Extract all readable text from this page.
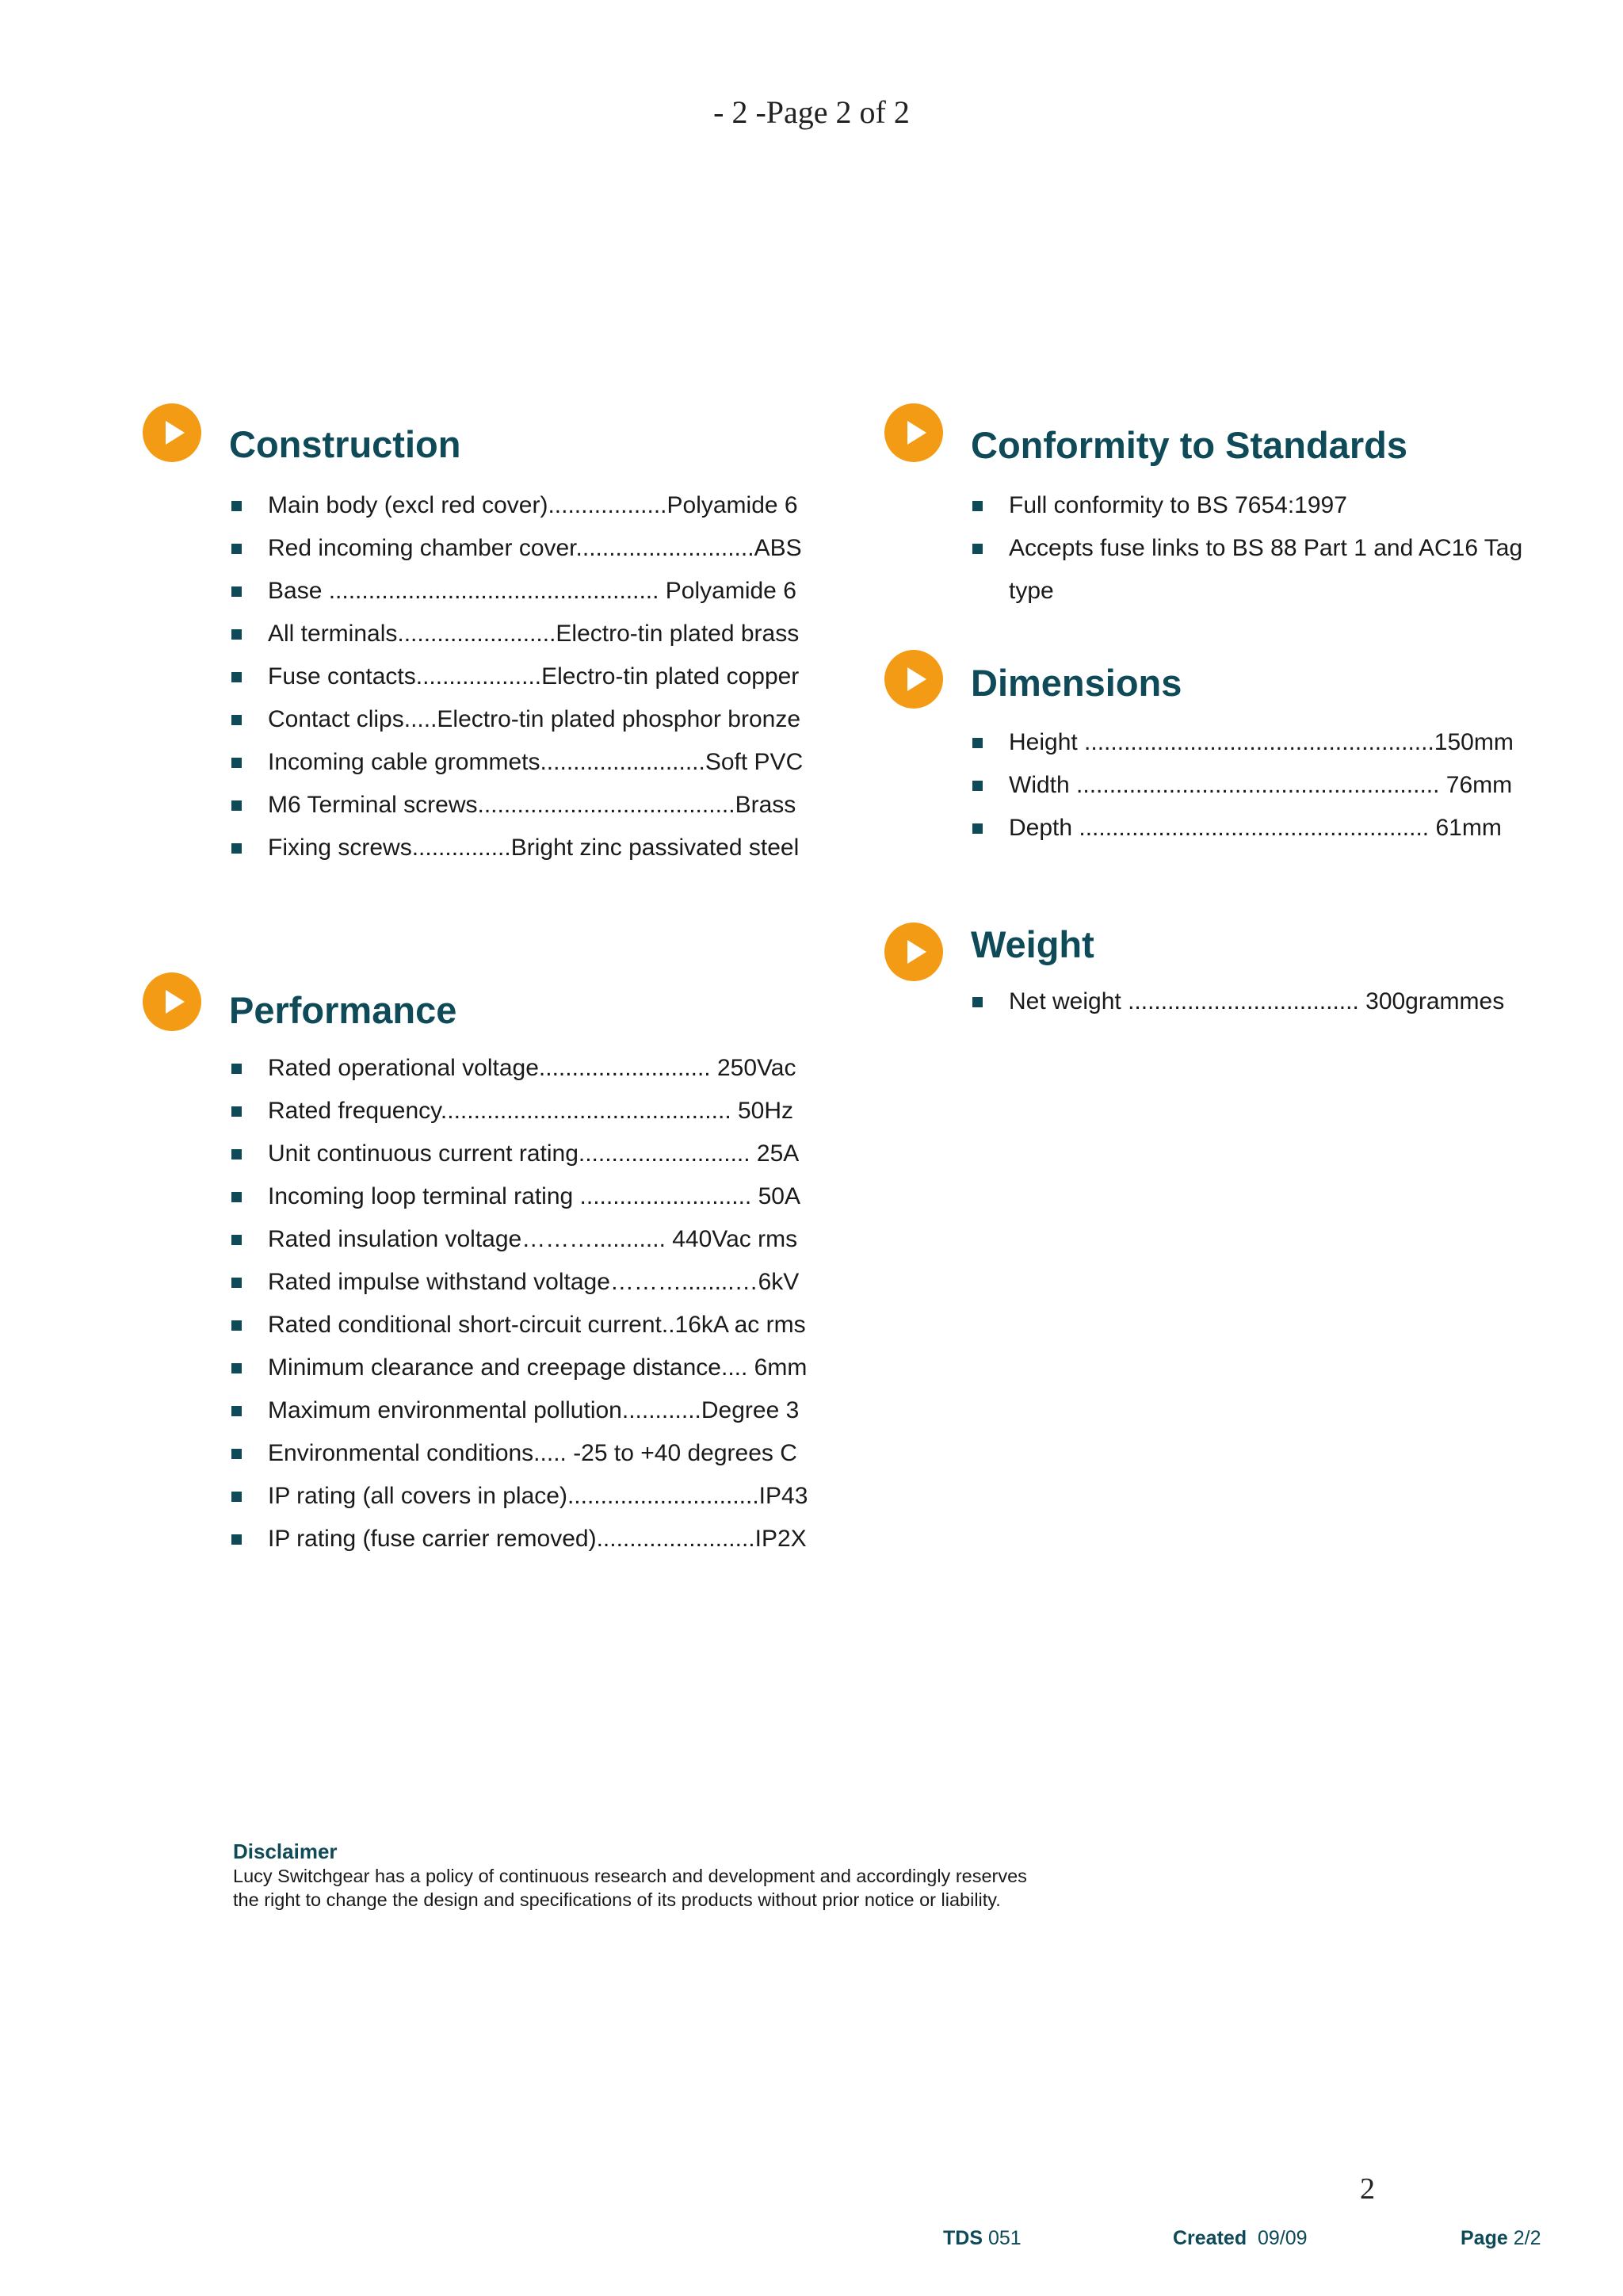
- 2 -Page 2 of 2
Construction
Main body (excl red cover)..................Polyamide 6
Red incoming chamber cover...........................ABS
Base .................................................. Polyamide 6
All terminals........................Electro-tin plated brass
Fuse contacts...................Electro-tin plated copper
Contact clips.....Electro-tin plated phosphor bronze
Incoming cable grommets.........................Soft PVC
M6 Terminal screws.......................................Brass
Fixing screws...............Bright zinc passivated steel
Performance
Rated operational voltage.......................... 250Vac
Rated frequency............................................ 50Hz
Unit continuous current rating.......................... 25A
Incoming loop terminal rating .......................... 50A
Rated insulation voltage………........... 440Vac rms
Rated impulse withstand voltage………........…6kV
Rated conditional short-circuit current..16kA ac rms
Minimum clearance and creepage distance.... 6mm
Maximum environmental pollution............Degree 3
Environmental conditions..... -25 to +40 degrees C
IP rating (all covers in place).............................IP43
IP rating (fuse carrier removed)........................IP2X
Conformity to Standards
Full conformity to BS 7654:1997
Accepts fuse links to BS 88 Part 1 and AC16 Tag type
Dimensions
Height .....................................................150mm
Width ....................................................... 76mm
Depth ..................................................... 61mm
Weight
Net weight ................................... 300grammes
Disclaimer
Lucy Switchgear has a policy of continuous research and development and accordingly reserves
the right to change the design and specifications of its products without prior notice or liability.
2
TDS 051	Created 09/09	Page 2/2
